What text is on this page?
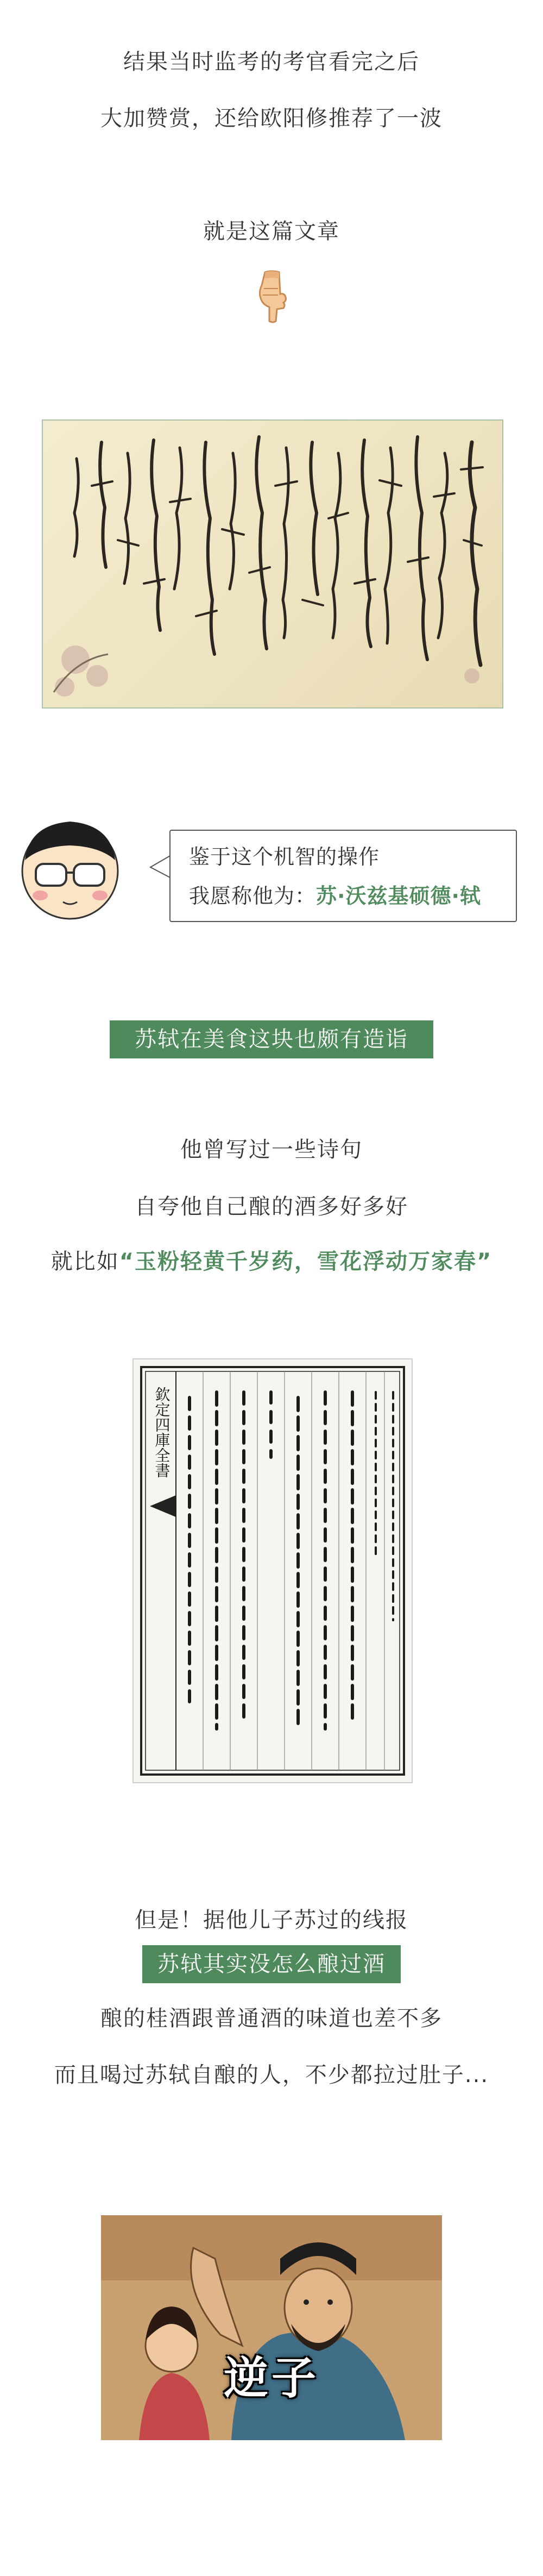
结果当时监考的考官看完之后
大加赞赏，还给欧阳修推荐了一波
就是这篇文章
鉴于这个机智的操作
我愿称他为：苏·沃兹基硕德·轼
苏轼在美食这块也颇有造诣
他曾写过一些诗句
自夸他自己酿的酒多好多好
就比如“玉粉轻黄千岁药，雪花浮动万家春”
欽定四庫全書
但是！据他儿子苏过的线报
苏轼其实没怎么酿过酒
酿的桂酒跟普通酒的味道也差不多
而且喝过苏轼自酿的人，不少都拉过肚子...
逆子
